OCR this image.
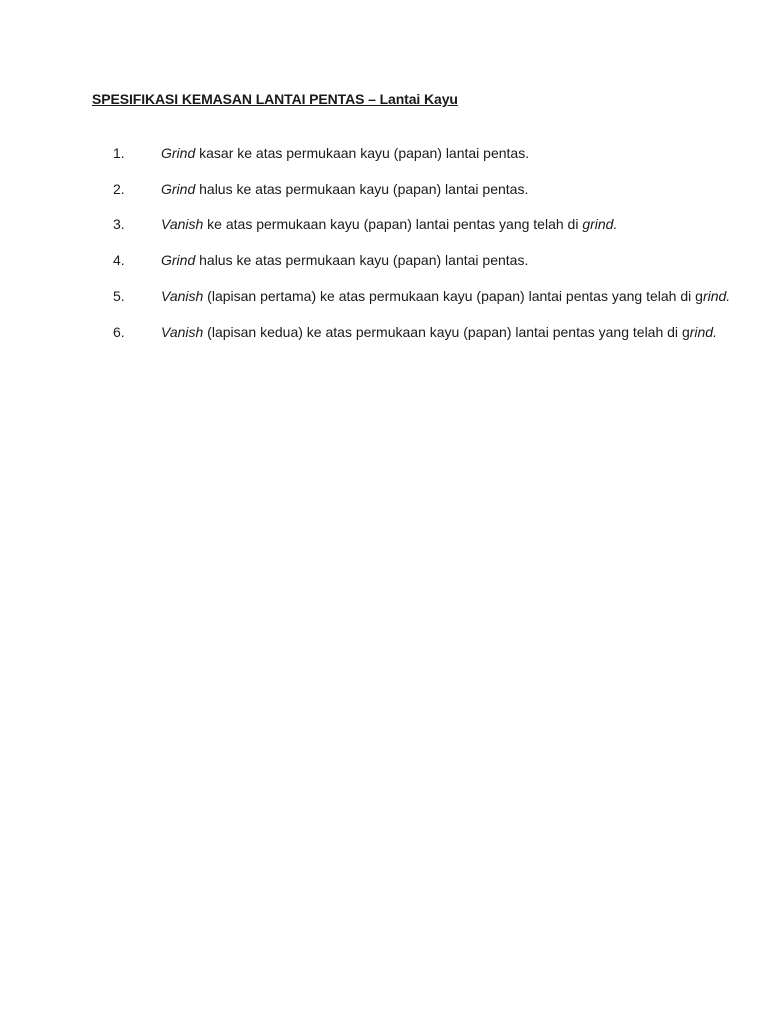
SPESIFIKASI KEMASAN LANTAI PENTAS – Lantai Kayu
1.	Grind kasar ke atas permukaan kayu (papan) lantai pentas.
2.	Grind halus ke atas permukaan kayu (papan) lantai pentas.
3.	Vanish ke atas permukaan kayu (papan) lantai pentas yang telah di grind.
4.	Grind halus ke atas permukaan kayu (papan) lantai pentas.
5.	Vanish (lapisan pertama) ke atas permukaan kayu (papan) lantai pentas yang telah di grind.
6.	Vanish (lapisan kedua) ke atas permukaan kayu (papan) lantai pentas yang telah di grind.
